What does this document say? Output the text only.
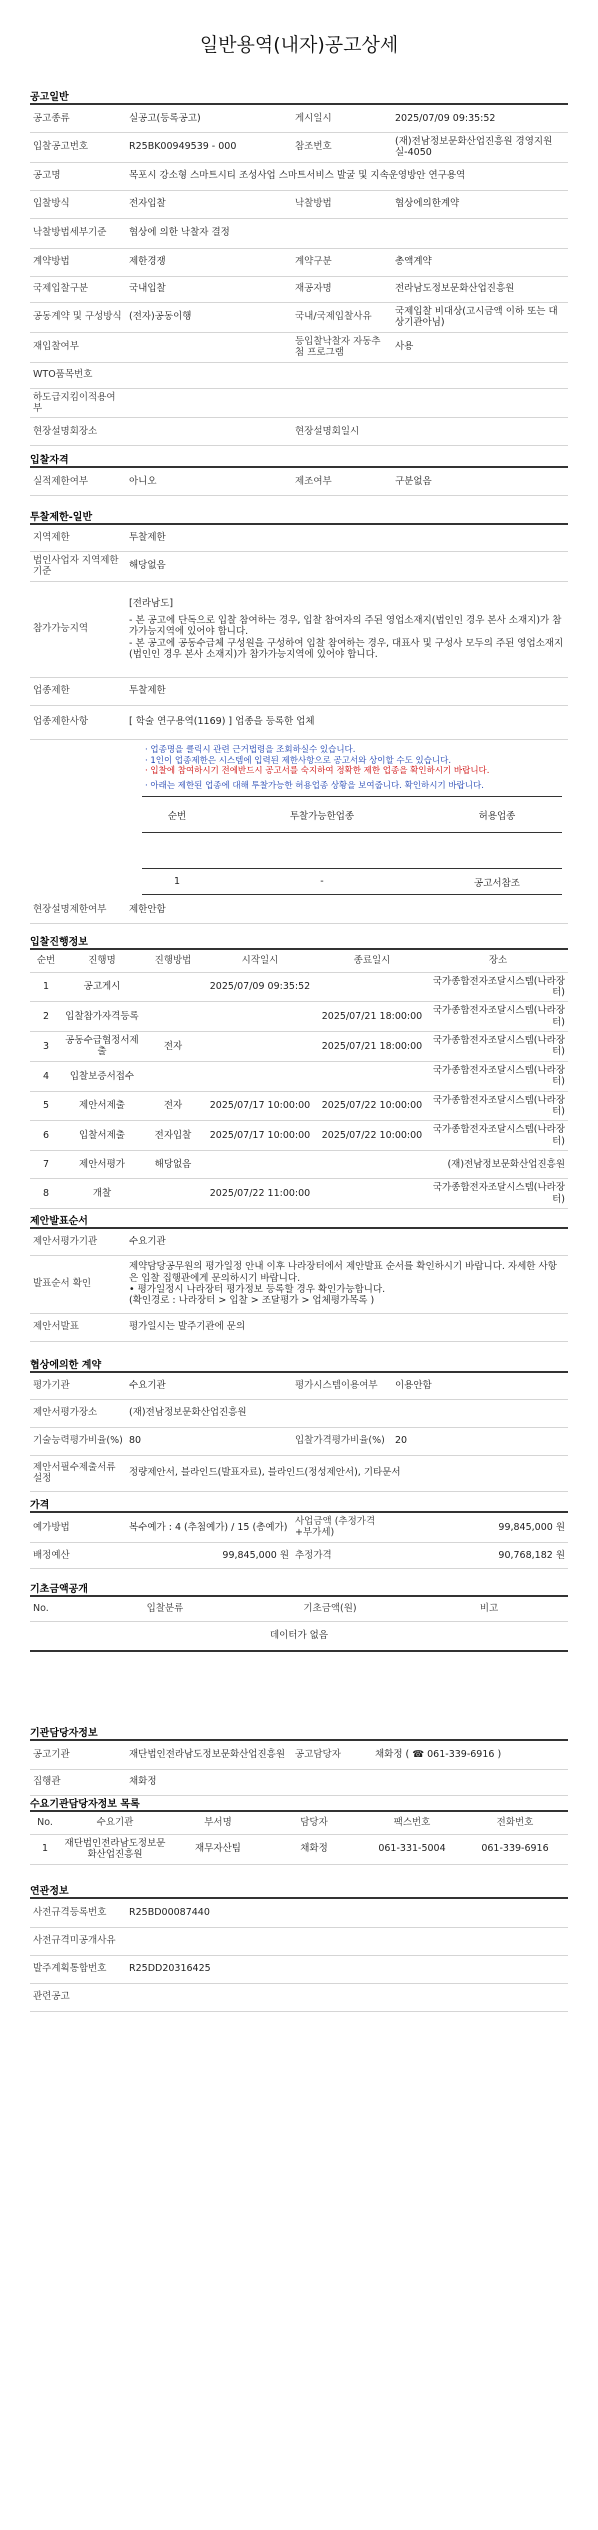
일반용역(내자)공고상세
공고일반
공고종류	실공고(등록공고)	게시일시	2025/07/09 09:35:52
입찰공고번호	R25BK00949539 - 000	참조번호	(재)전남정보문화산업진흥원 경영지원실-4050
공고명	목포시 강소형 스마트시티 조성사업 스마트서비스 발굴 및 지속운영방안 연구용역		
입찰방식	전자입찰	낙찰방법	협상에의한계약
낙찰방법세부기준	협상에 의한 낙찰자 결정		
계약방법	제한경쟁	계약구분	총액계약
국제입찰구분	국내입찰	재공자명	전라남도정보문화산업진흥원
공동계약 및 구성방식	(전자)공동이행	국내/국제입찰사유	국제입찰 비대상(고시금액 이하 또는 대상기관아님)
재입찰여부		등입찰낙찰자 자동추첨 프로그램	사용
WTO품목번호			
하도급지킴이적용여부			
현장설명회장소		현장설명회일시	
입찰자격
실적제한여부	아니오	제조여부	구분없음
투찰제한-일반
지역제한	투찰제한
법인사업자 지역제한기준	해당없음
참가가능지역	[전라남도]
- 본 공고에 단독으로 입찰 참여하는 경우, 입찰 참여자의 주된 영업소재지(법인인 경우 본사 소재지)가 참가가능지역에 있어야 합니다.
- 본 공고에 공동수급체 구성원을 구성하여 입찰 참여하는 경우, 대표사 및 구성사 모두의 주된 영업소재지(법인인 경우 본사 소재지)가 참가가능지역에 있어야 합니다.

업종제한	투찰제한
업종제한사항	[ 학술 연구용역(1169) ] 업종을 등록한 업체
· 업종명을 클릭시 관련 근거법령을 조회하실수 있습니다.
· 1인이 업종제한은 시스템에 입력된 제한사항으로 공고서와 상이할 수도 있습니다.
· 입찰에 참여하시기 전에반드시 공고서를 숙지하여 정확한 제한 업종을 확인하시기 바랍니다.
· 아래는 제한된 업종에 대해 투찰가능한 허용업종 상황을 보여줍니다. 확인하시기 바랍니다.
순번	투찰가능한업종	허용업종

1	-	공고서참조
현장설명제한여부	제한안함
입찰진행정보
순번	진행명	진행방법	시작일시	종료일시	장소
1	공고게시		2025/07/09 09:35:52		국가종합전자조달시스템(나라장터)
2	입찰참가자격등록			2025/07/21 18:00:00	국가종합전자조달시스템(나라장터)
3	공동수급협정서제출	전자		2025/07/21 18:00:00	국가종합전자조달시스템(나라장터)
4	입찰보증서접수				국가종합전자조달시스템(나라장터)
5	제안서제출	전자	2025/07/17 10:00:00	2025/07/22 10:00:00	국가종합전자조달시스템(나라장터)
6	입찰서제출	전자입찰	2025/07/17 10:00:00	2025/07/22 10:00:00	국가종합전자조달시스템(나라장터)
7	제안서평가	해당없음			(재)전남정보문화산업진흥원
8	개찰		2025/07/22 11:00:00		국가종합전자조달시스템(나라장터)
제안발표순서
제안서평가기관	수요기관
발표순서 확인	제약담당공무원의 평가일정 안내 이후 나라장터에서 제안발표 순서를 확인하시기 바랍니다. 자세한 사항은 입찰 집행관에게 문의하시기 바랍니다.
• 평가일정시 나라장터 평가정보 등록할 경우 확인가능합니다.
(확인경로 : 나라장터 > 입찰 > 조달평가 > 업체평가목록 )

제안서발표	평가일시는 발주기관에 문의
협상에의한 계약
평가기관	수요기관	평가시스템이용여부	이용안함
제안서평가장소	(재)전남정보문화산업진흥원		
기술능력평가비율(%)	80	입찰가격평가비율(%)	20
제안서필수제출서류설정	정량제안서, 블라인드(발표자료), 블라인드(정성제안서), 기타문서		
가격
예가방법	복수예가 : 4 (추첨예가) / 15 (총예가)	사업금액 (추정가격+부가세)	99,845,000 원
배정예산	99,845,000 원	추정가격	90,768,182 원
기초금액공개
No.	입찰분류	기초금액(원)	비고
데이터가 없음
기관담당자정보
공고기관	재단법인전라남도정보문화산업진흥원	공고담당자	채화정 ( ☎ 061-339-6916 )
집행관	채화정		
수요기관담당자정보 목록
No.	수요기관	부서명	담당자	팩스번호	전화번호
1	재단법인전라남도정보문화산업진흥원	재무자산팀	채화정	061-331-5004	061-339-6916
연관정보
사전규격등록번호	R25BD00087440
사전규격미공개사유	
발주계획통합번호	R25DD20316425
관련공고	
